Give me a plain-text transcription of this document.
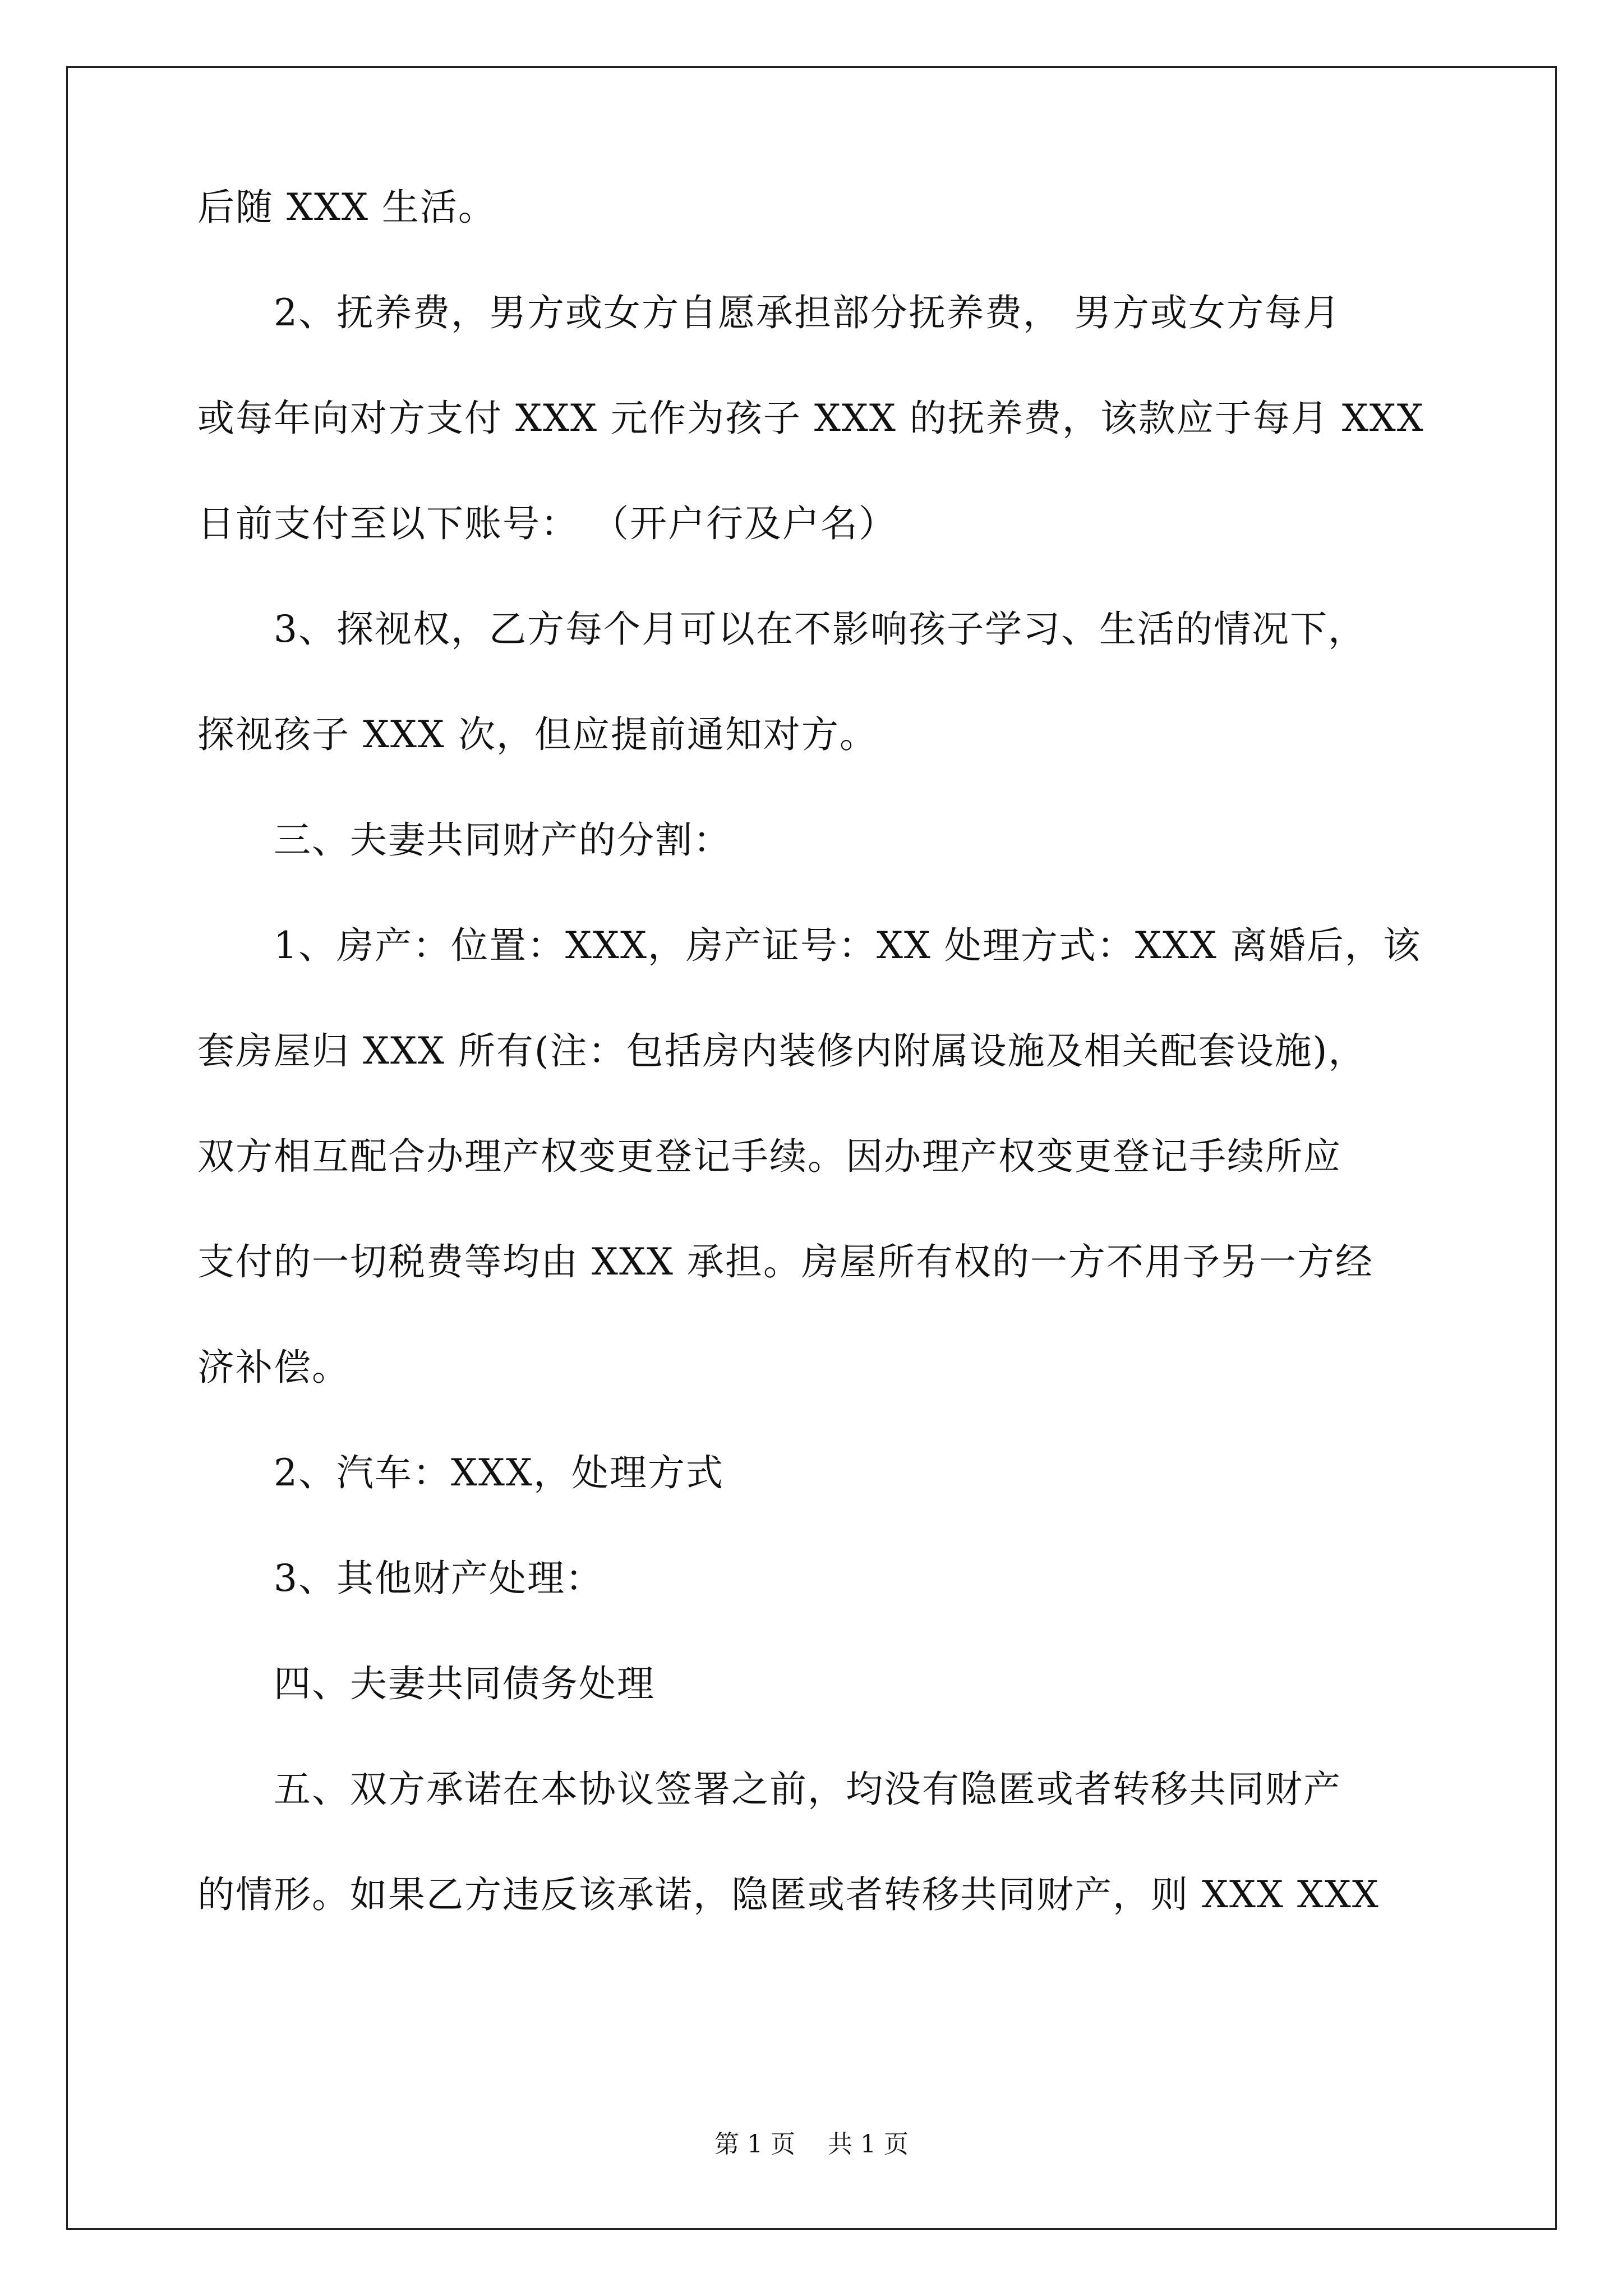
后随 XXX 生活。
　　2、抚养费，男方或女方自愿承担部分抚养费， 男方或女方每月
或每年向对方支付 XXX 元作为孩子 XXX 的抚养费，该款应于每月 XXX
日前支付至以下账号： （开户行及户名）
　　3、探视权，乙方每个月可以在不影响孩子学习、生活的情况下，
探视孩子 XXX 次，但应提前通知对方。
　　三、夫妻共同财产的分割：
　　1、房产：位置：XXX，房产证号：XX 处理方式：XXX 离婚后，该
套房屋归 XXX 所有(注：包括房内装修内附属设施及相关配套设施)，
双方相互配合办理产权变更登记手续。因办理产权变更登记手续所应
支付的一切税费等均由 XXX 承担。房屋所有权的一方不用予另一方经
济补偿。
　　2、汽车：XXX，处理方式
　　3、其他财产处理：
　　四、夫妻共同债务处理
　　五、双方承诺在本协议签署之前，均没有隐匿或者转移共同财产
的情形。如果乙方违反该承诺，隐匿或者转移共同财产，则 XXX XXX
第 1 页　 共 1 页
